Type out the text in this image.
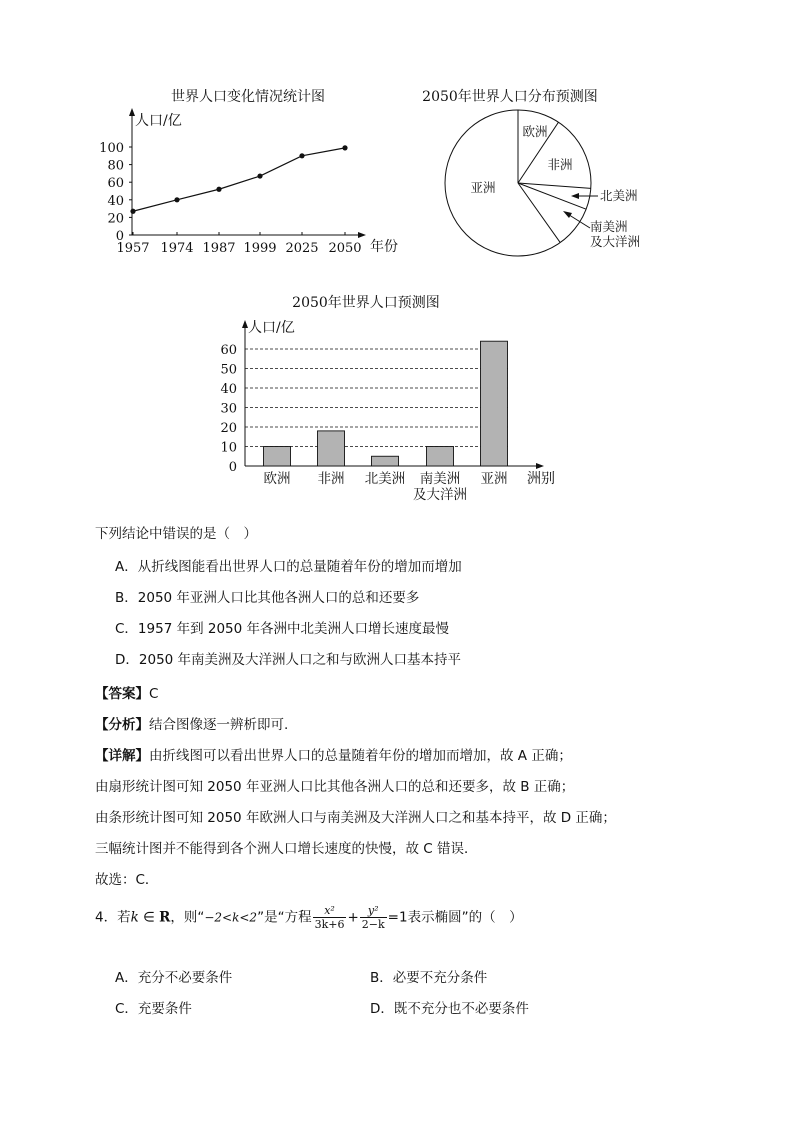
世界人口变化情况统计图
人口/亿
年份
0
20
40
60
80
100
1957 1974 1987 1999 2025 2050
2050年世界人口分布预测图
欧洲
非洲
亚洲
北美洲
南美洲
及大洋洲
2050年世界人口预测图
人口/亿
洲别
0
10
20
30
40
50
60
欧洲 非洲 北美洲 南美洲
及大洋洲
亚洲
下列结论中错误的是（　）
A．从折线图能看出世界人口的总量随着年份的增加而增加
B．2050 年亚洲人口比其他各洲人口的总和还要多
C．1957 年到 2050 年各洲中北美洲人口增长速度最慢
D．2050 年南美洲及大洋洲人口之和与欧洲人口基本持平
【答案】C
【分析】结合图像逐一辨析即可.
【详解】由折线图可以看出世界人口的总量随着年份的增加而增加，故 A 正确；
由扇形统计图可知 2050 年亚洲人口比其他各洲人口的总和还要多，故 B 正确；
由条形统计图可知 2050 年欧洲人口与南美洲及大洋洲人口之和基本持平，故 D 正确；
三幅统计图并不能得到各个洲人口增长速度的快慢，故 C 错误．
故选：C．
4．若k ∈ R，则“−2<k<2”是“方程 $\frac{\text{x²}}{3k+6} + \frac{\text{y²}}{2-k} =1$表示椭圆”的（　）
A．充分不必要条件	B．必要不充分条件
C．充要条件	D．既不充分也不必要条件
